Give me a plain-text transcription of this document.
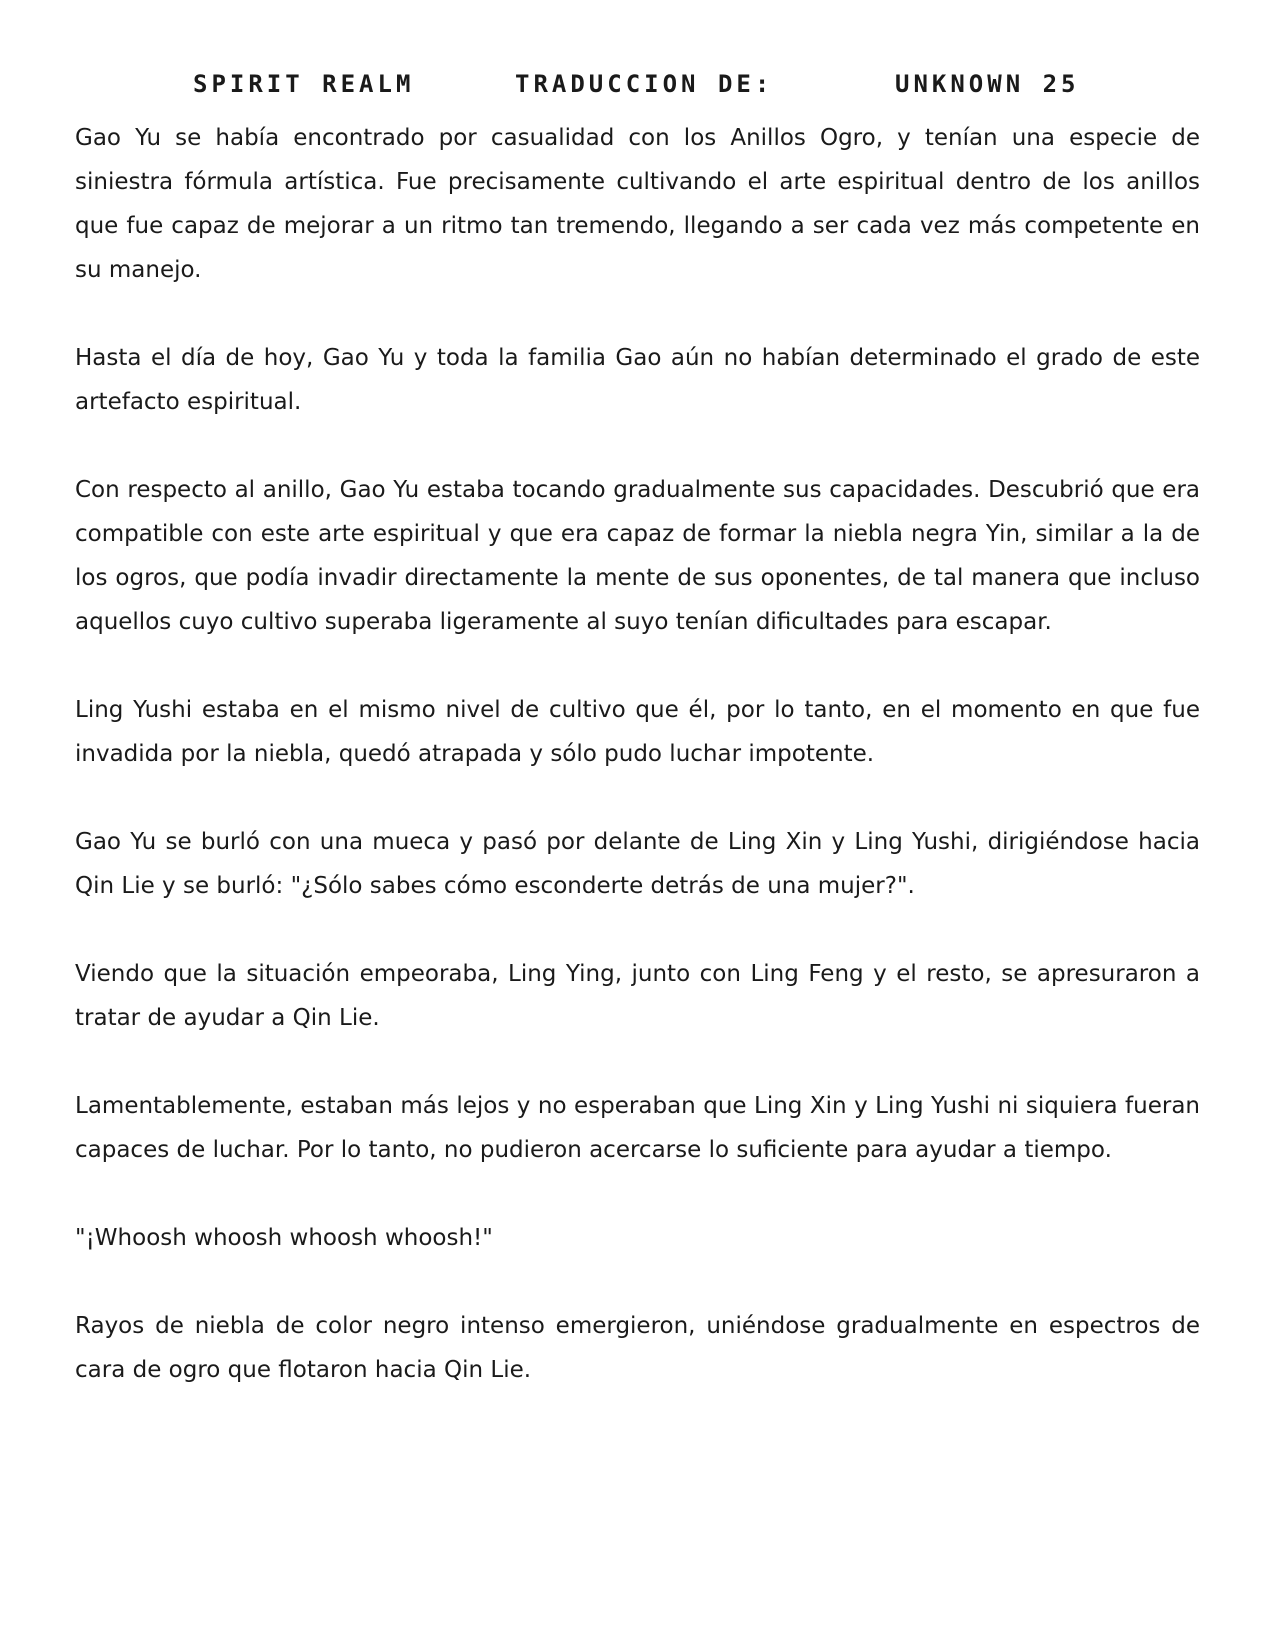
SPIRIT REALM	TRADUCCION DE:	UNKNOWN 25

Gao Yu se había encontrado por casualidad con los Anillos Ogro, y tenían una especie de siniestra fórmula artística. Fue precisamente cultivando el arte espiritual dentro de los anillos que fue capaz de mejorar a un ritmo tan tremendo, llegando a ser cada vez más competente en su manejo.

Hasta el día de hoy, Gao Yu y toda la familia Gao aún no habían determinado el grado de este artefacto espiritual.

Con respecto al anillo, Gao Yu estaba tocando gradualmente sus capacidades. Descubrió que era compatible con este arte espiritual y que era capaz de formar la niebla negra Yin, similar a la de los ogros, que podía invadir directamente la mente de sus oponentes, de tal manera que incluso aquellos cuyo cultivo superaba ligeramente al suyo tenían dificultades para escapar.

Ling Yushi estaba en el mismo nivel de cultivo que él, por lo tanto, en el momento en que fue invadida por la niebla, quedó atrapada y sólo pudo luchar impotente.

Gao Yu se burló con una mueca y pasó por delante de Ling Xin y Ling Yushi, dirigiéndose hacia Qin Lie y se burló: "¿Sólo sabes cómo esconderte detrás de una mujer?".

Viendo que la situación empeoraba, Ling Ying, junto con Ling Feng y el resto, se apresuraron a tratar de ayudar a Qin Lie.

Lamentablemente, estaban más lejos y no esperaban que Ling Xin y Ling Yushi ni siquiera fueran capaces de luchar. Por lo tanto, no pudieron acercarse lo suficiente para ayudar a tiempo.

"¡Whoosh whoosh whoosh whoosh!"

Rayos de niebla de color negro intenso emergieron, uniéndose gradualmente en espectros de cara de ogro que flotaron hacia Qin Lie.
